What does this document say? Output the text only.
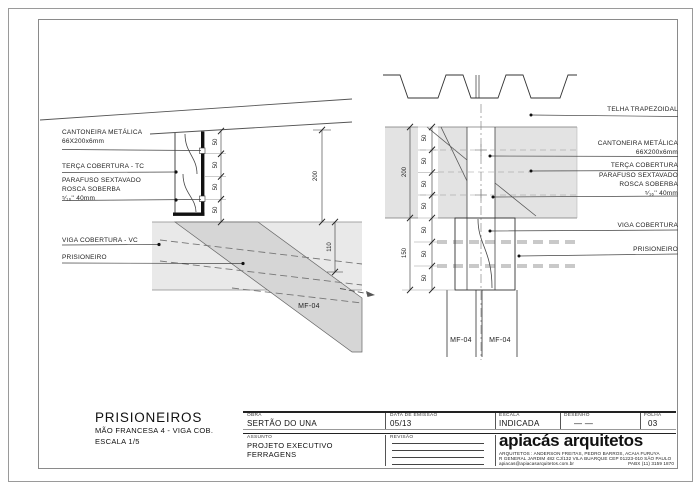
CANTONEIRA METÁLICA
66X200x6mm
TERÇA COBERTURA - TC
PARAFUSO SEXTAVADO
ROSCA SOBERBA
⁵⁄₁₆'' 40mm
VIGA COBERTURA - VC
PRISIONEIRO
MF-04
50
50
50
50
200
110
TELHA TRAPEZOIDAL
CANTONEIRA METÁLICA
66X200x6mm
TERÇA COBERTURA
PARAFUSO SEXTAVADO
ROSCA SOBERBA
⁵⁄₁₆'' 40mm
VIGA COBERTURA
PRISIONEIRO
MF-04	MF-04
200
50
50
50
50
150
50
50
50
PRISIONEIROS
MÃO FRANCESA 4 - VIGA COB.
ESCALA 1/5
OBRA
SERTÃO DO UNA
DATA DE EMISSÃO
05/13
ESCALA
INDICADA
DESENHO
— —
FOLHA
03
ASSUNTO
PROJETO EXECUTIVO
FERRAGENS
REVISÃO	apiacás arquitetos
ARQUITETOS : ANDERSON FREITAS, PEDRO BARROS, ACAIA FURUYA
R GENERAL JARDIM 482 CJ/132 VILA BUARQUE CEP 01223-010 SÃO PAULO
apiacas@apiacasarquitetos.com.br	PABX (11) 3159 1870
